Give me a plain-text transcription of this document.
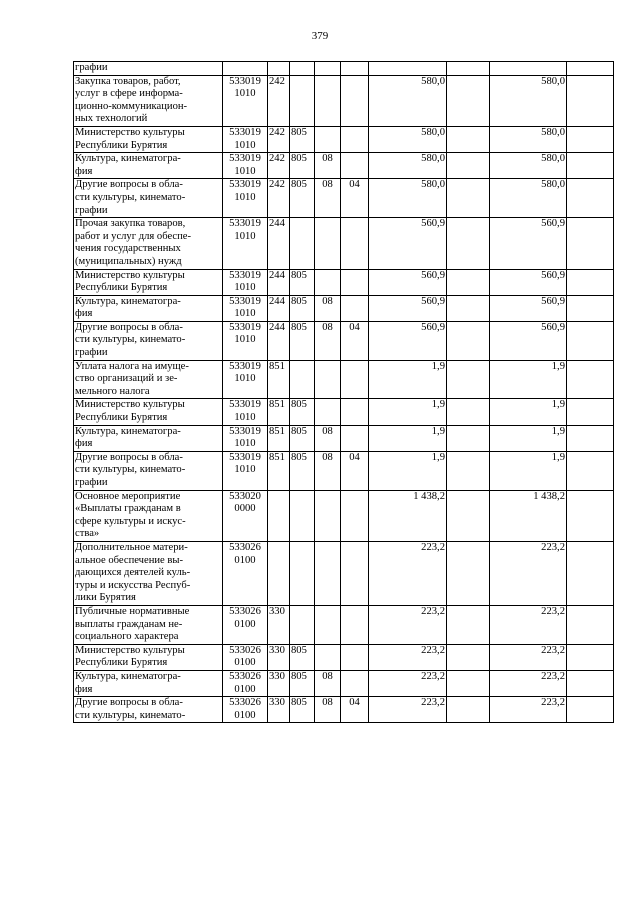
379
графии									

Закупка товаров, работ,
услуг в сфере информа-
ционно-коммуникацион-
ных технологий	533019
1010	242				580,0		580,0	

Министерство культуры
Республики Бурятия	533019
1010	242	805			580,0		580,0	

Культура, кинематогра-
фия	533019
1010	242	805	08		580,0		580,0	

Другие вопросы в обла-
сти культуры, кинемато-
графии	533019
1010	242	805	08	04	580,0		580,0	

Прочая закупка товаров,
работ и услуг для обеспе-
чения государственных
(муниципальных) нужд	533019
1010	244				560,9		560,9	

Министерство культуры
Республики Бурятия	533019
1010	244	805			560,9		560,9	

Культура, кинематогра-
фия	533019
1010	244	805	08		560,9		560,9	

Другие вопросы в обла-
сти культуры, кинемато-
графии	533019
1010	244	805	08	04	560,9		560,9	

Уплата налога на имуще-
ство организаций и зе-
мельного налога	533019
1010	851				1,9		1,9	

Министерство культуры
Республики Бурятия	533019
1010	851	805			1,9		1,9	

Культура, кинематогра-
фия	533019
1010	851	805	08		1,9		1,9	

Другие вопросы в обла-
сти культуры, кинемато-
графии	533019
1010	851	805	08	04	1,9		1,9	

Основное мероприятие
«Выплаты гражданам в
сфере культуры и искус-
ства»	533020
0000					1 438,2		1 438,2	

Дополнительное матери-
альное обеспечение вы-
дающихся деятелей куль-
туры и искусства Респуб-
лики Бурятия	533026
0100					223,2		223,2	

Публичные нормативные
выплаты гражданам не-
социального характера	533026
0100	330				223,2		223,2	

Министерство культуры
Республики Бурятия	533026
0100	330	805			223,2		223,2	

Культура, кинематогра-
фия	533026
0100	330	805	08		223,2		223,2	

Другие вопросы в обла-
сти культуры, кинемато-	533026
0100	330	805	08	04	223,2		223,2	
